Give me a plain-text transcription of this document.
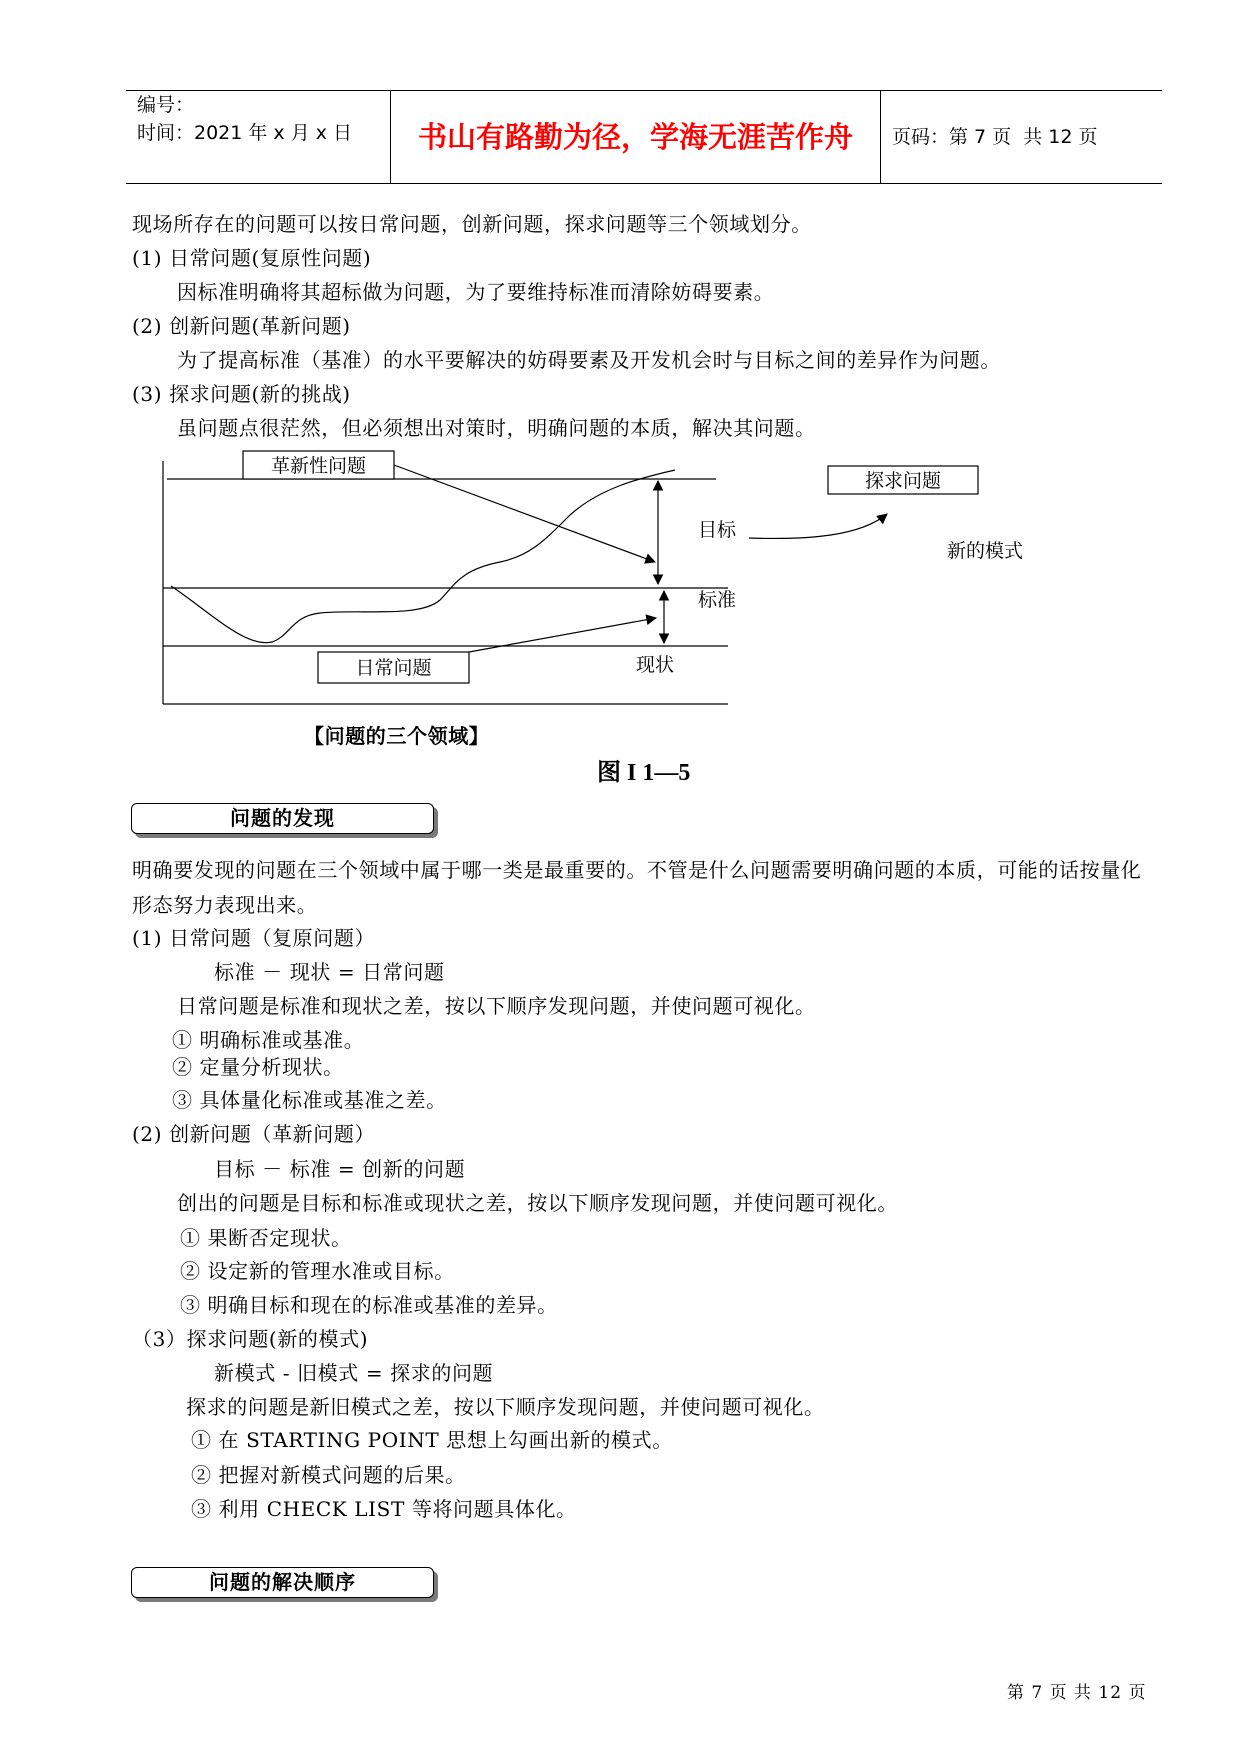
编号：
时间：2021 年 x 月 x 日	书山有路勤为径，学海无涯苦作舟	页码：第 7 页  共 12 页
现场所存在的问题可以按日常问题，创新问题，探求问题等三个领域划分。
(1) 日常问题(复原性问题)
因标准明确将其超标做为问题，为了要维持标准而清除妨碍要素。
(2) 创新问题(革新问题)
为了提高标准（基准）的水平要解决的妨碍要素及开发机会时与目标之间的差异作为问题。
(3) 探求问题(新的挑战)
虽问题点很茫然，但必须想出对策时，明确问题的本质，解决其问题。
革新性问题
日常问题
目标
标准
现状
探求问题
新的模式
【问题的三个领域】
图 I 1—5
问题的发现
明确要发现的问题在三个领域中属于哪一类是最重要的。不管是什么问题需要明确问题的本质，可能的话按量化
形态努力表现出来。
(1) 日常问题（复原问题）
标准 － 现状 = 日常问题
日常问题是标准和现状之差，按以下顺序发现问题，并使问题可视化。
① 明确标准或基准。
② 定量分析现状。
③ 具体量化标准或基准之差。
(2) 创新问题（革新问题）
目标 － 标准 = 创新的问题
创出的问题是目标和标准或现状之差，按以下顺序发现问题，并使问题可视化。
① 果断否定现状。
② 设定新的管理水准或目标。
③ 明确目标和现在的标准或基准的差异。
（3）探求问题(新的模式)
新模式 - 旧模式 = 探求的问题
探求的问题是新旧模式之差，按以下顺序发现问题，并使问题可视化。
① 在 STARTING POINT 思想上勾画出新的模式。
② 把握对新模式问题的后果。
③ 利用 CHECK LIST 等将问题具体化。
问题的解决顺序
第 7 页 共 12 页
